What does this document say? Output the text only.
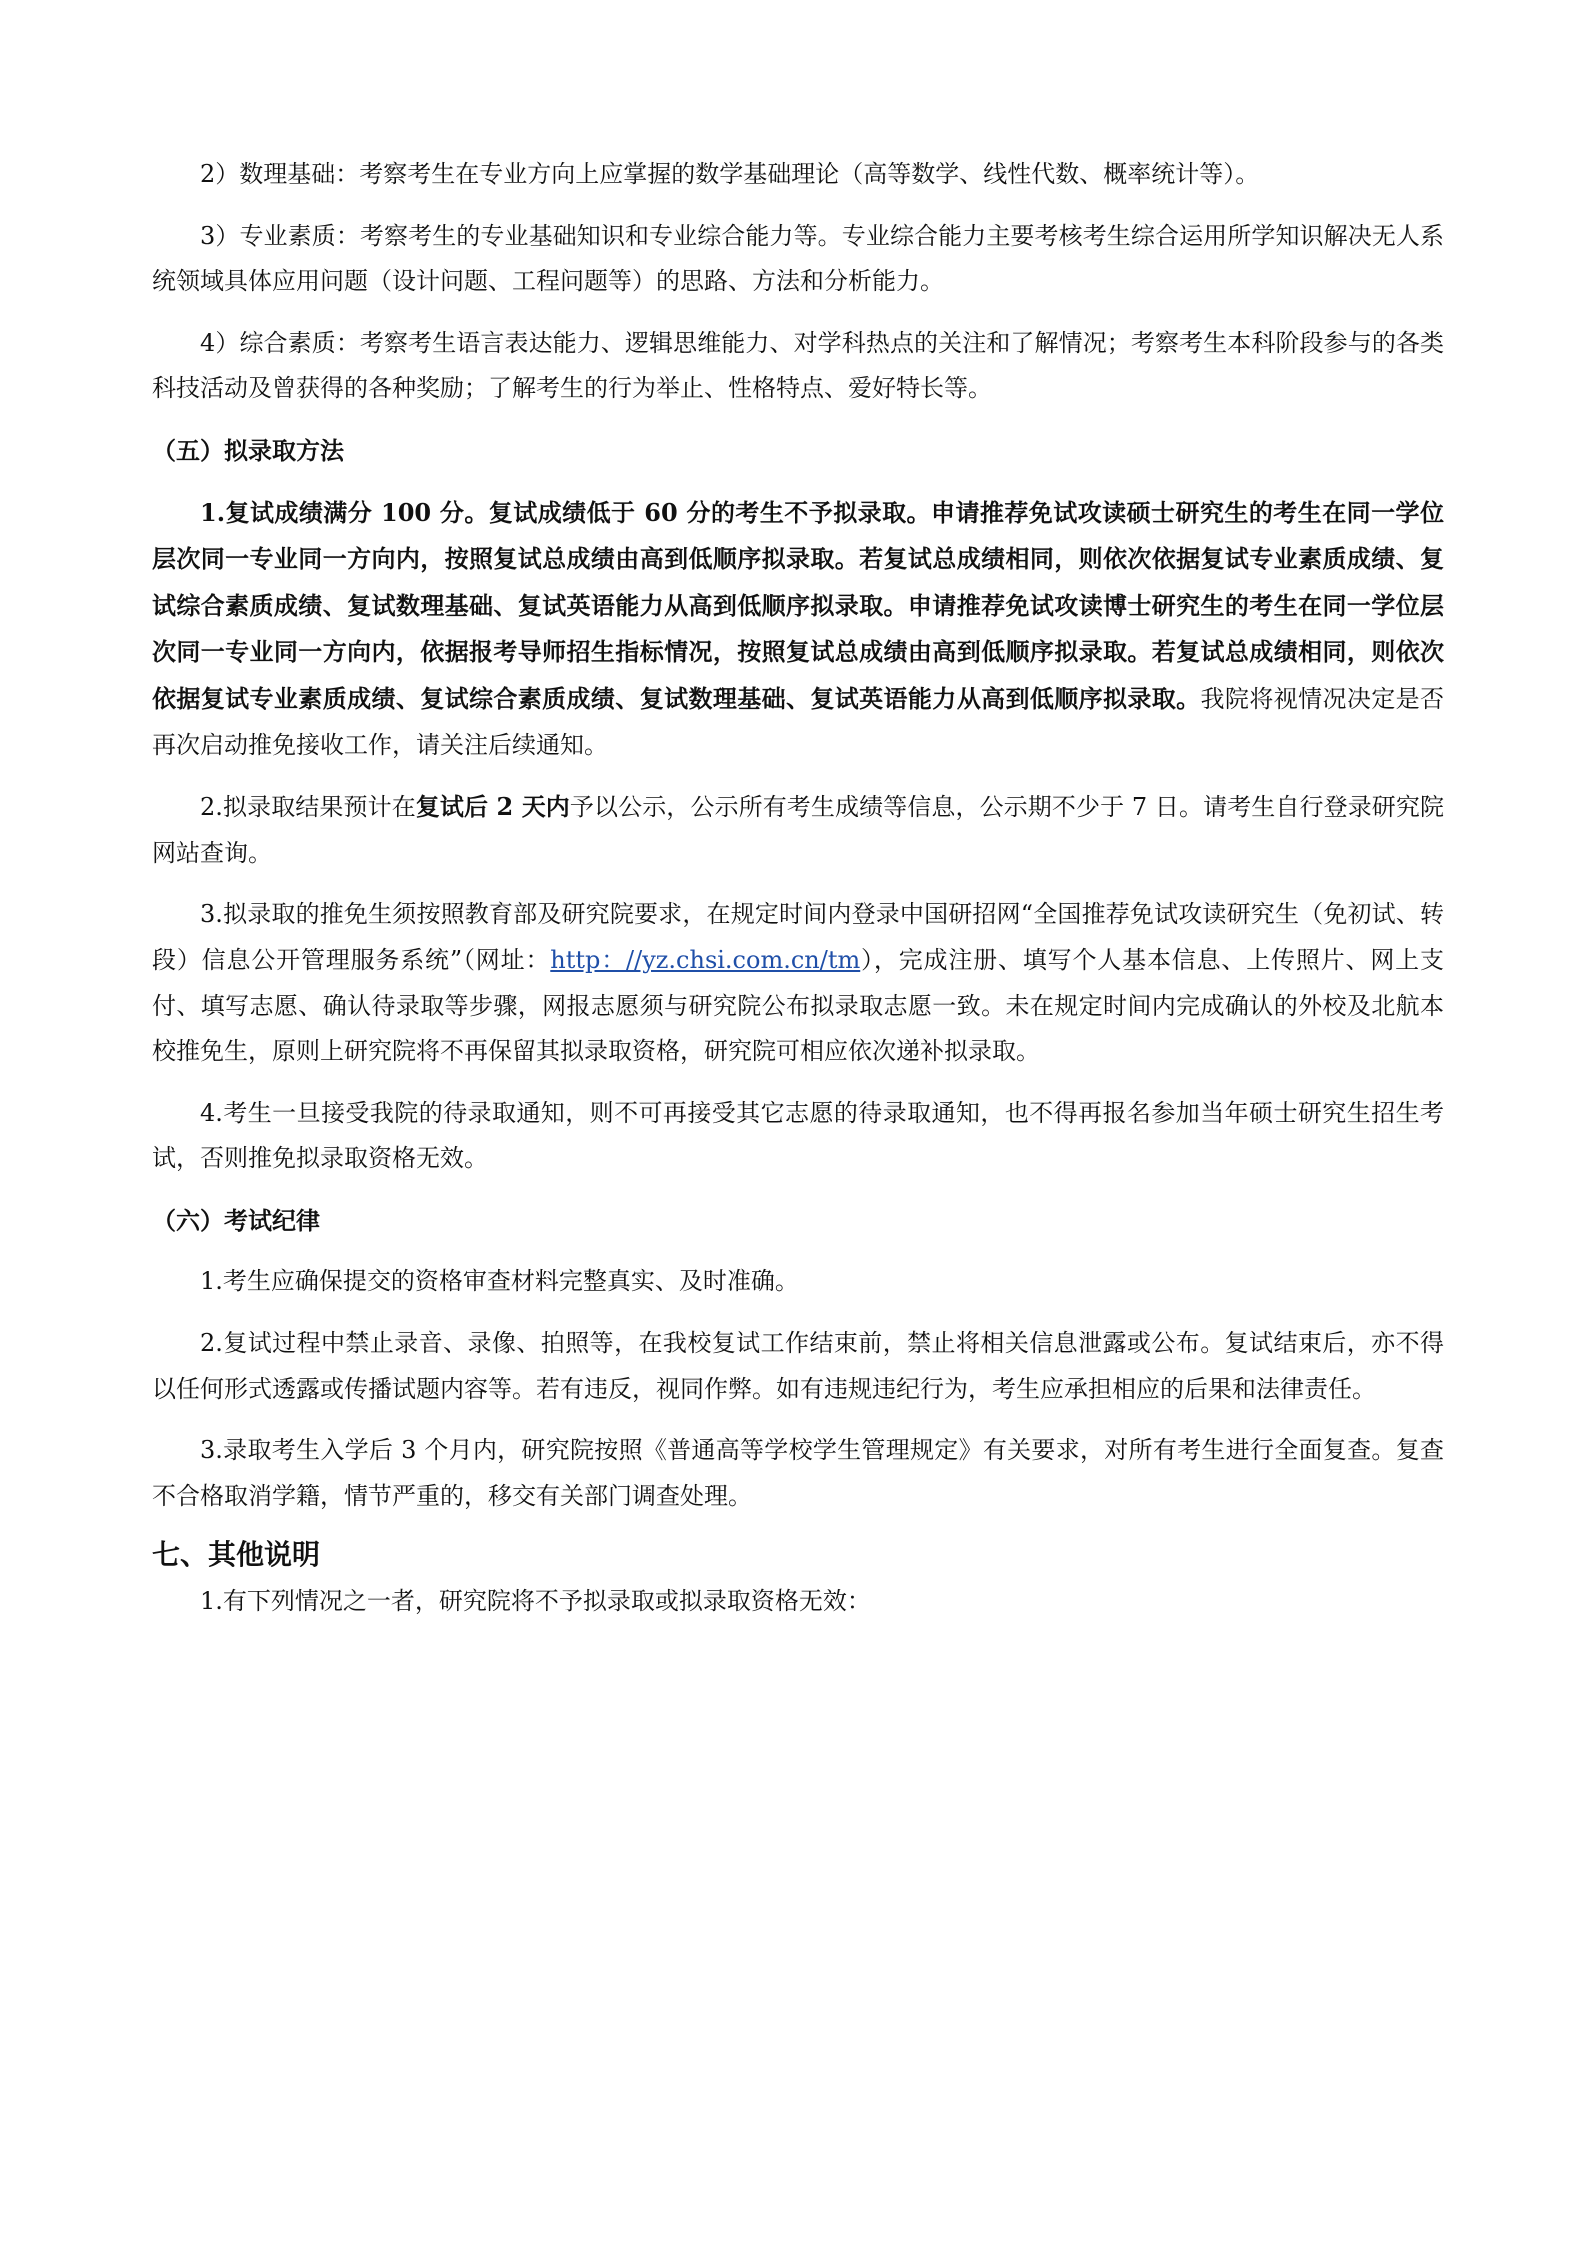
2）数理基础：考察考生在专业方向上应掌握的数学基础理论（高等数学、线性代数、概率统计等）。

3）专业素质：考察考生的专业基础知识和专业综合能力等。专业综合能力主要考核考生综合运用所学知识解决无人系统领域具体应用问题（设计问题、工程问题等）的思路、方法和分析能力。

4）综合素质：考察考生语言表达能力、逻辑思维能力、对学科热点的关注和了解情况；考察考生本科阶段参与的各类科技活动及曾获得的各种奖励；了解考生的行为举止、性格特点、爱好特长等。

（五）拟录取方法

1.复试成绩满分 100 分。复试成绩低于 60 分的考生不予拟录取。申请推荐免试攻读硕士研究生的考生在同一学位层次同一专业同一方向内，按照复试总成绩由高到低顺序拟录取。若复试总成绩相同，则依次依据复试专业素质成绩、复试综合素质成绩、复试数理基础、复试英语能力从高到低顺序拟录取。申请推荐免试攻读博士研究生的考生在同一学位层次同一专业同一方向内，依据报考导师招生指标情况，按照复试总成绩由高到低顺序拟录取。若复试总成绩相同，则依次依据复试专业素质成绩、复试综合素质成绩、复试数理基础、复试英语能力从高到低顺序拟录取。我院将视情况决定是否再次启动推免接收工作，请关注后续通知。

2.拟录取结果预计在复试后 2 天内予以公示，公示所有考生成绩等信息，公示期不少于 7 日。请考生自行登录研究院网站查询。

3.拟录取的推免生须按照教育部及研究院要求，在规定时间内登录中国研招网“全国推荐免试攻读研究生（免初试、转段）信息公开管理服务系统”（网址：http：//yz.chsi.com.cn/tm），完成注册、填写个人基本信息、上传照片、网上支付、填写志愿、确认待录取等步骤，网报志愿须与研究院公布拟录取志愿一致。未在规定时间内完成确认的外校及北航本校推免生，原则上研究院将不再保留其拟录取资格，研究院可相应依次递补拟录取。

4.考生一旦接受我院的待录取通知，则不可再接受其它志愿的待录取通知，也不得再报名参加当年硕士研究生招生考试，否则推免拟录取资格无效。

（六）考试纪律

1.考生应确保提交的资格审查材料完整真实、及时准确。

2.复试过程中禁止录音、录像、拍照等，在我校复试工作结束前，禁止将相关信息泄露或公布。复试结束后，亦不得以任何形式透露或传播试题内容等。若有违反，视同作弊。如有违规违纪行为，考生应承担相应的后果和法律责任。

3.录取考生入学后 3 个月内，研究院按照《普通高等学校学生管理规定》有关要求，对所有考生进行全面复查。复查不合格取消学籍，情节严重的，移交有关部门调查处理。

七、其他说明

1.有下列情况之一者，研究院将不予拟录取或拟录取资格无效：
